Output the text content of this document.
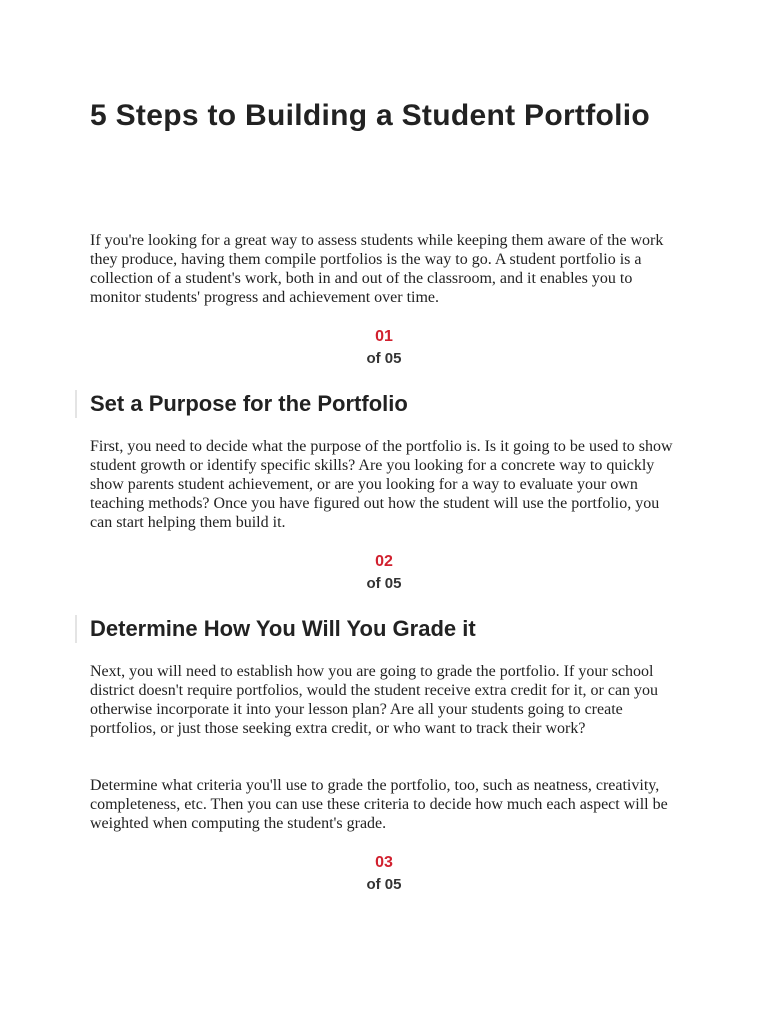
5 Steps to Building a Student Portfolio

If you're looking for a great way to assess students while keeping them aware of the work they produce, having them compile portfolios is the way to go. A student portfolio is a collection of a student's work, both in and out of the classroom, and it enables you to monitor students' progress and achievement over time.

01
of 05
Set a Purpose for the Portfolio

First, you need to decide what the purpose of the portfolio is. Is it going to be used to show student growth or identify specific skills? Are you looking for a concrete way to quickly show parents student achievement, or are you looking for a way to evaluate your own teaching methods? Once you have figured out how the student will use the portfolio, you can start helping them build it.

02
of 05
Determine How You Will You Grade it

Next, you will need to establish how you are going to grade the portfolio. If your school district doesn't require portfolios, would the student receive extra credit for it, or can you otherwise incorporate it into your lesson plan? Are all your students going to create portfolios, or just those seeking extra credit, or who want to track their work?

Determine what criteria you'll use to grade the portfolio, too, such as neatness, creativity, completeness, etc. Then you can use these criteria to decide how much each aspect will be weighted when computing the student's grade.

03
of 05
